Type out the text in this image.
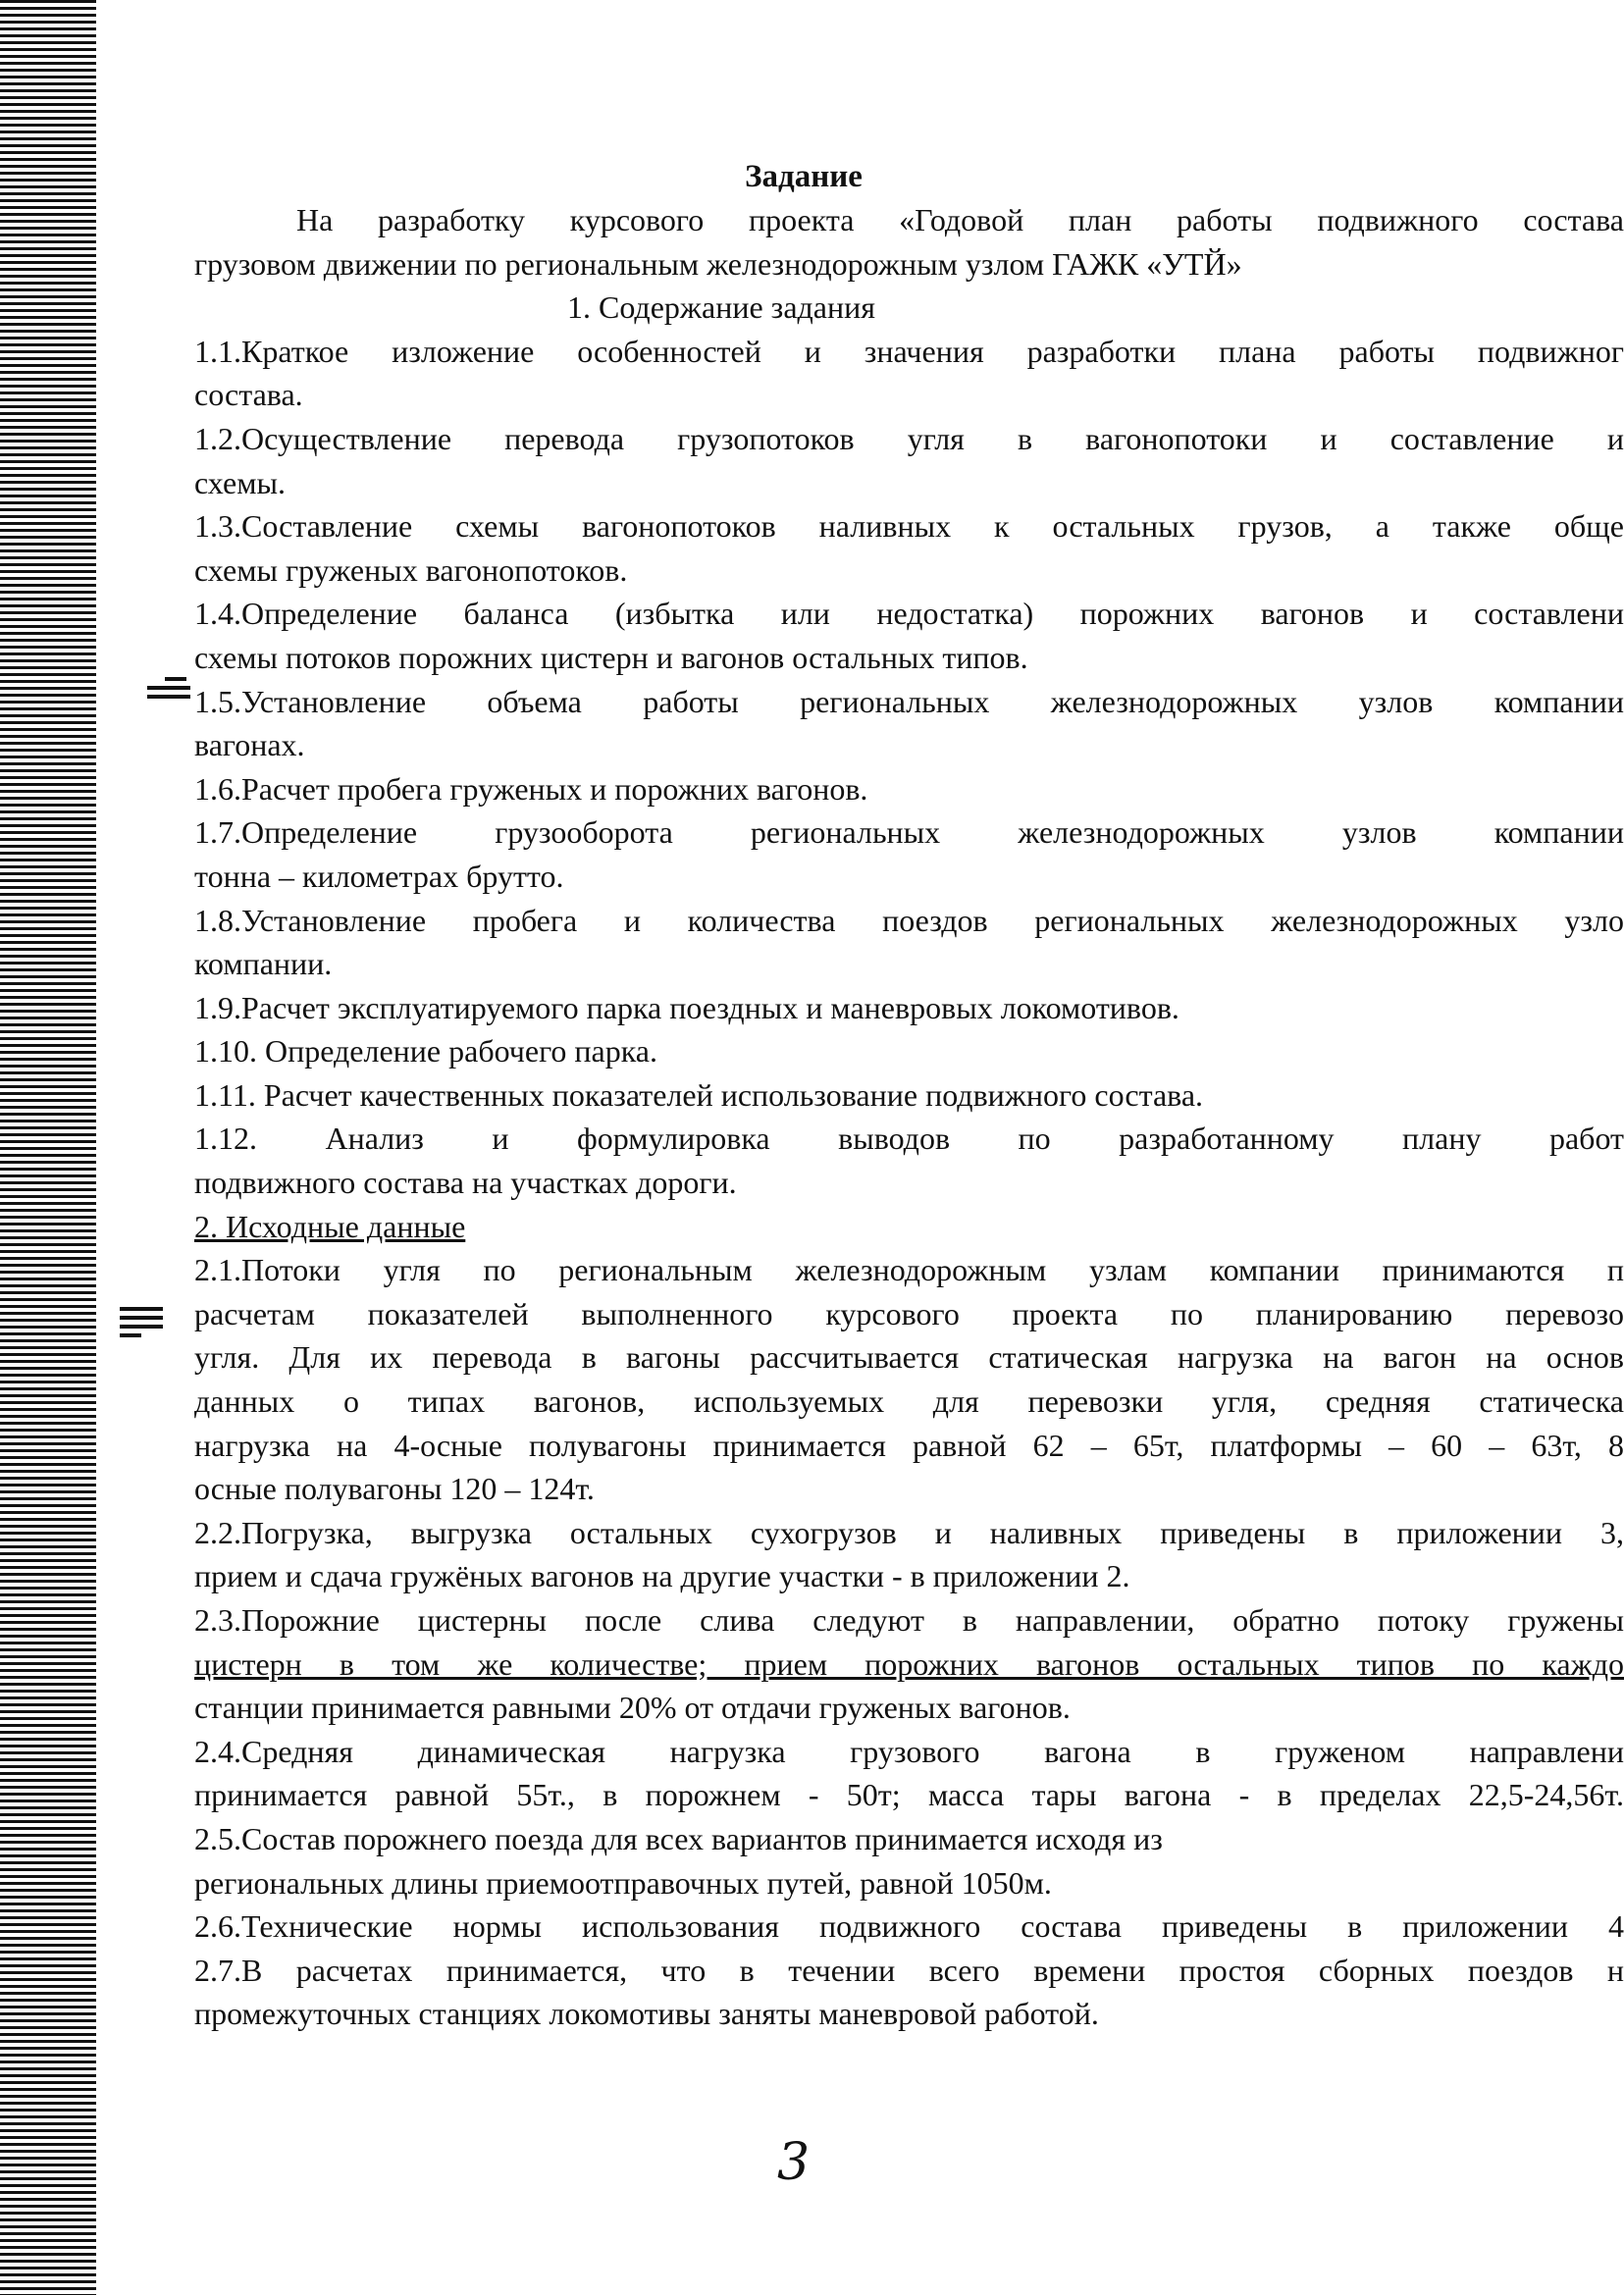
Задание

На разработку курсового проекта «Годовой план работы подвижного состава

грузовом движении по региональным железнодорожным узлом ГАЖК «УТЙ»

1. Содержание задания

1.1.Краткое изложение особенностей и значения разработки плана работы подвижног

состава.

1.2.Осуществление перевода грузопотоков угля в вагонопотоки и составление и

схемы.

1.3.Составление схемы вагонопотоков наливных к остальных грузов, а также обще

схемы груженых вагонопотоков.

1.4.Определение баланса (избытка или недостатка) порожних вагонов и составлени

схемы потоков порожних цистерн и вагонов остальных типов.

1.5.Установление объема работы региональных железнодорожных узлов компании

вагонах.

1.6.Расчет пробега груженых и порожних вагонов.

1.7.Определение грузооборота региональных железнодорожных узлов компании

тонна – километрах брутто.

1.8.Установление пробега и количества поездов региональных железнодорожных узло

компании.

1.9.Расчет эксплуатируемого парка поездных и маневровых локомотивов.

1.10. Определение рабочего парка.

1.11. Расчет качественных показателей использование подвижного состава.

1.12. Анализ и формулировка выводов по разработанному плану работ

подвижного состава на участках дороги.

2. Исходные данные

2.1.Потоки угля по региональным железнодорожным узлам компании принимаются п

расчетам показателей выполненного курсового проекта по планированию перевозо

угля. Для их перевода в вагоны рассчитывается статическая нагрузка на вагон на основ

данных о типах вагонов, используемых для перевозки угля, средняя статическа

нагрузка на 4-осные полувагоны принимается равной 62 – 65т, платформы – 60 – 63т, 8

осные полувагоны 120 – 124т.

2.2.Погрузка, выгрузка остальных сухогрузов и наливных приведены в приложении 3,

прием и сдача гружёных вагонов на другие участки - в приложении 2.

2.3.Порожние цистерны после слива следуют в направлении, обратно потоку гружены

цистерн в том же количестве; прием порожних вагонов остальных типов по каждо

станции принимается равными 20% от отдачи груженых вагонов.

2.4.Средняя динамическая нагрузка грузового вагона в груженом направлени

принимается равной 55т., в порожнем - 50т; масса тары вагона - в пределах 22,5-24,56т.

2.5.Состав порожнего поезда для всех вариантов принимается исходя из

региональных длины приемоотправочных путей, равной 1050м.

2.6.Технические нормы использования подвижного состава приведены в приложении 4

2.7.В расчетах принимается, что в течении всего времени простоя сборных поездов н

промежуточных станциях локомотивы заняты маневровой работой.

3
